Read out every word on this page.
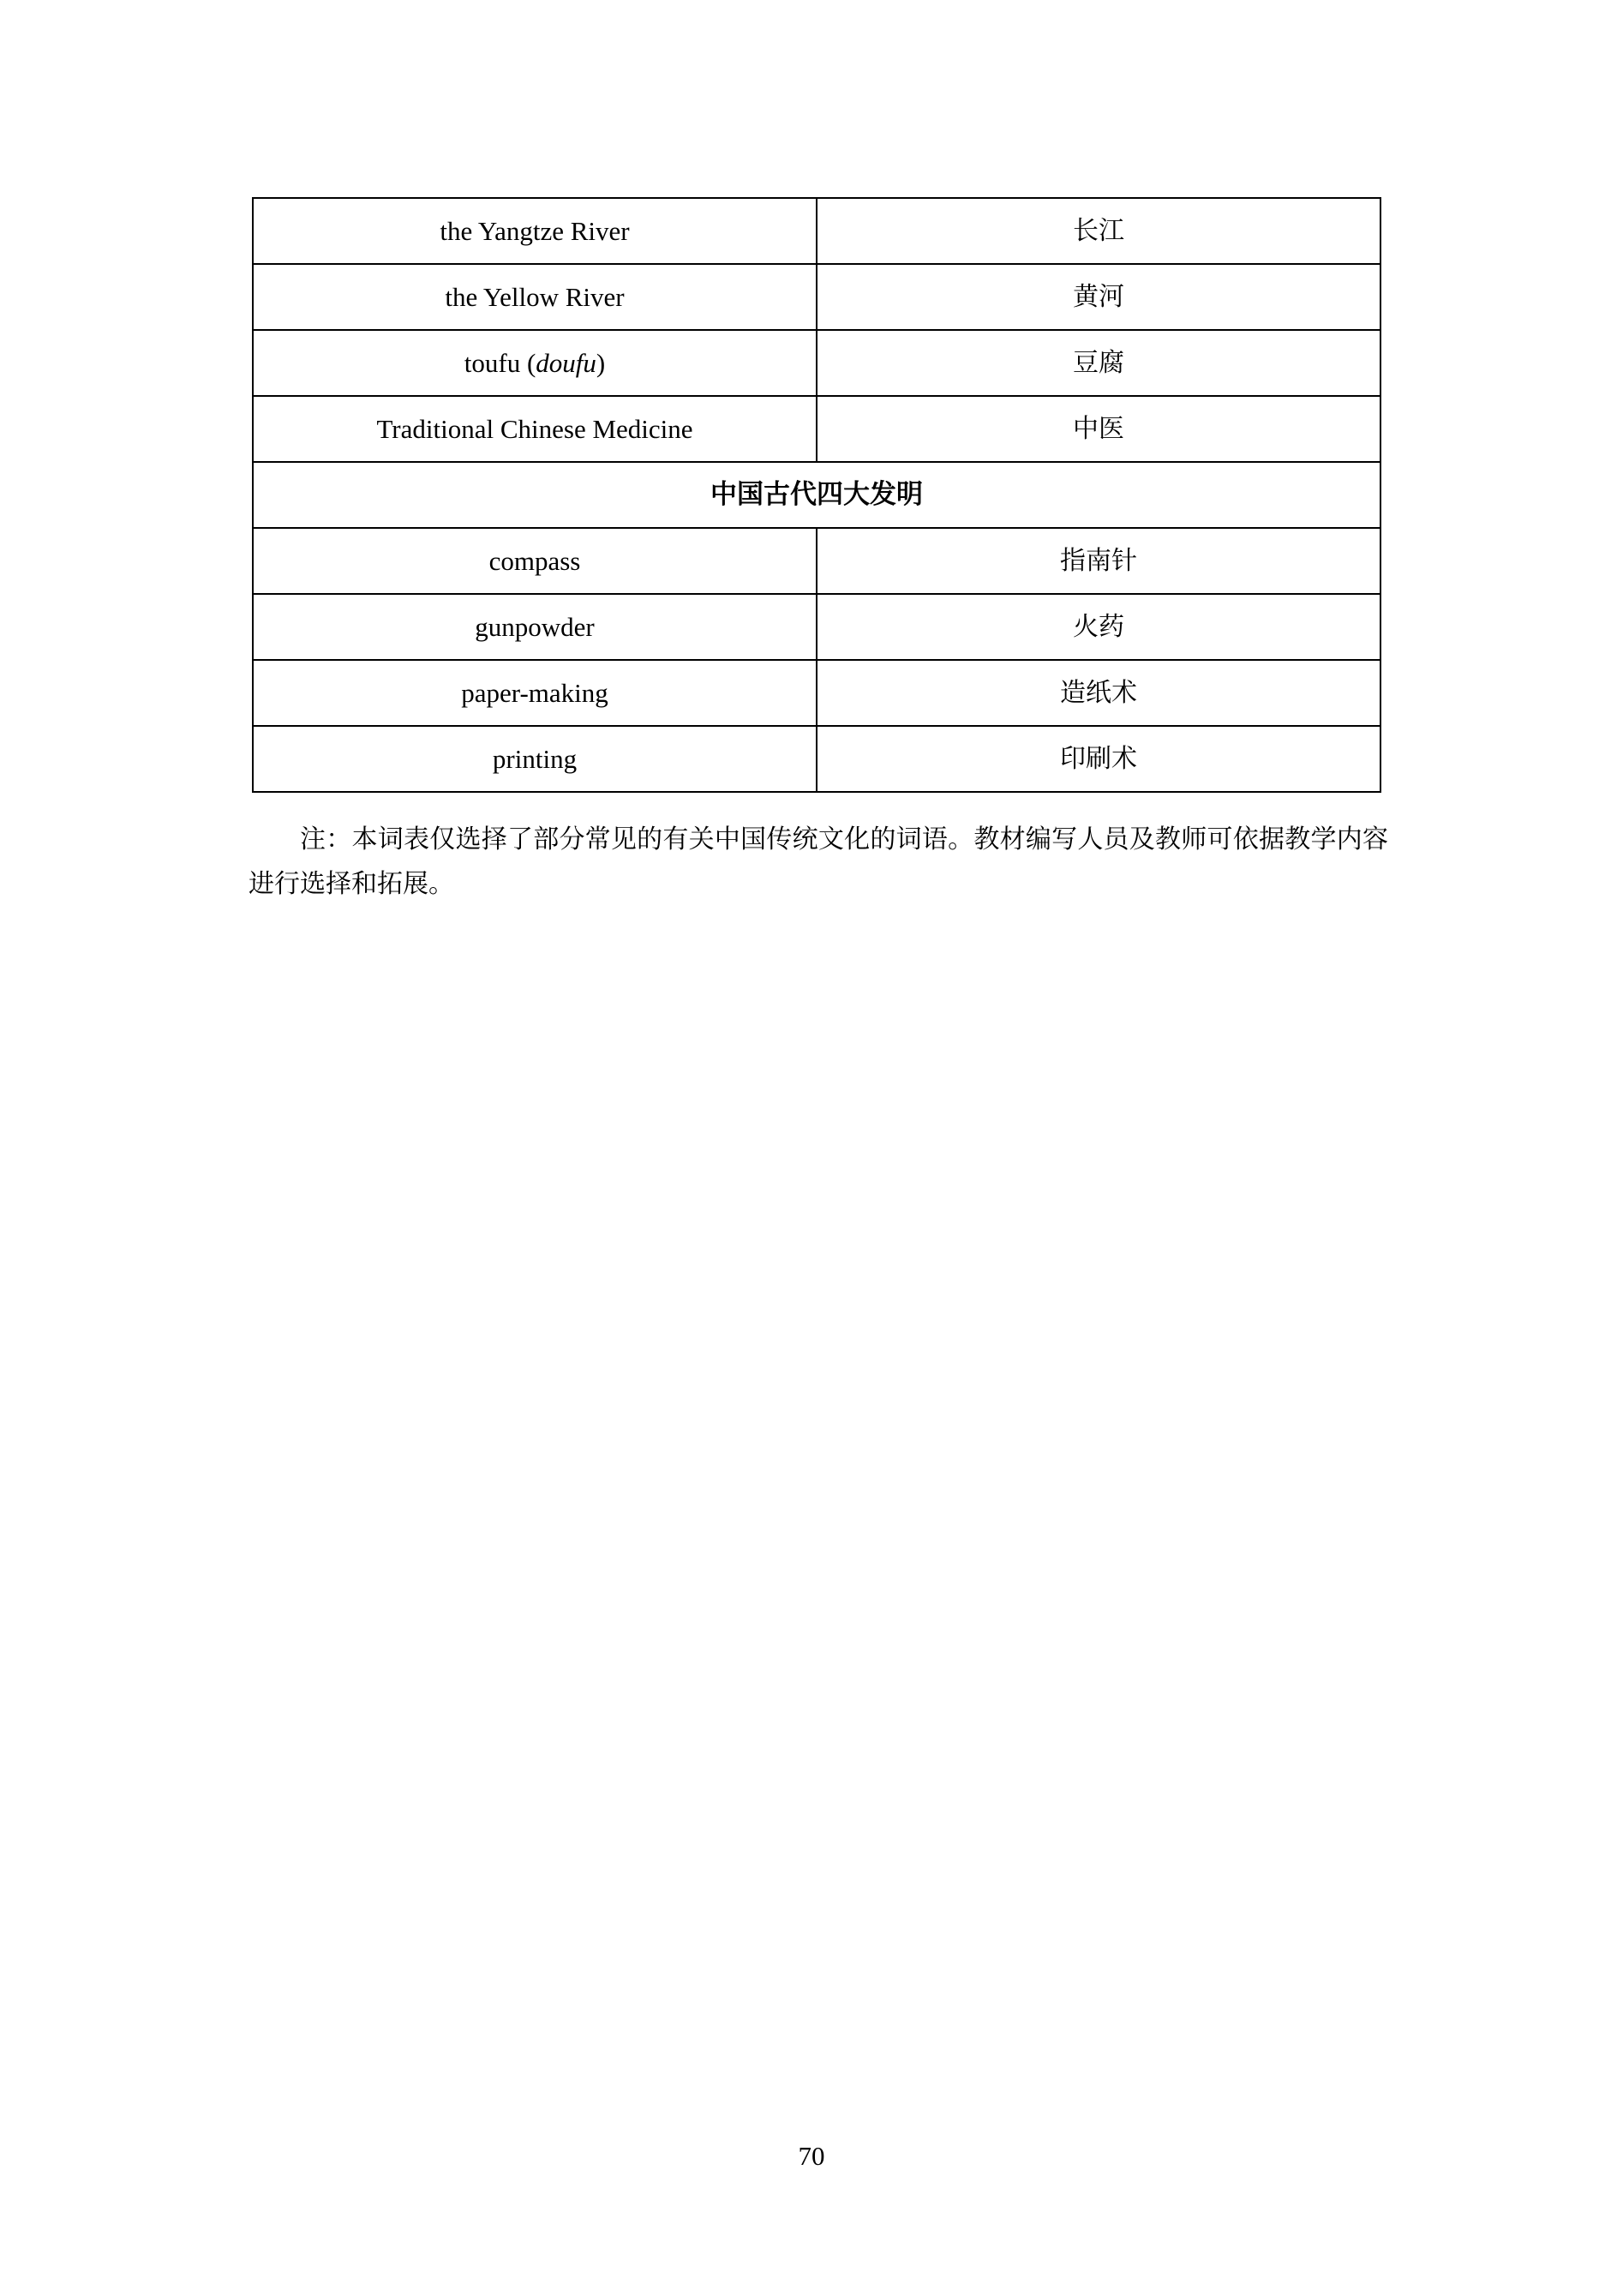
the Yangtze River	长江
the Yellow River	黄河
toufu (doufu)	豆腐
Traditional Chinese Medicine	中医
中国古代四大发明	
compass	指南针
gunpowder	火药
paper-making	造纸术
printing	印刷术

注：本词表仅选择了部分常见的有关中国传统文化的词语。教材编写人员及教师可依据教学内容进行选择和拓展。

70
